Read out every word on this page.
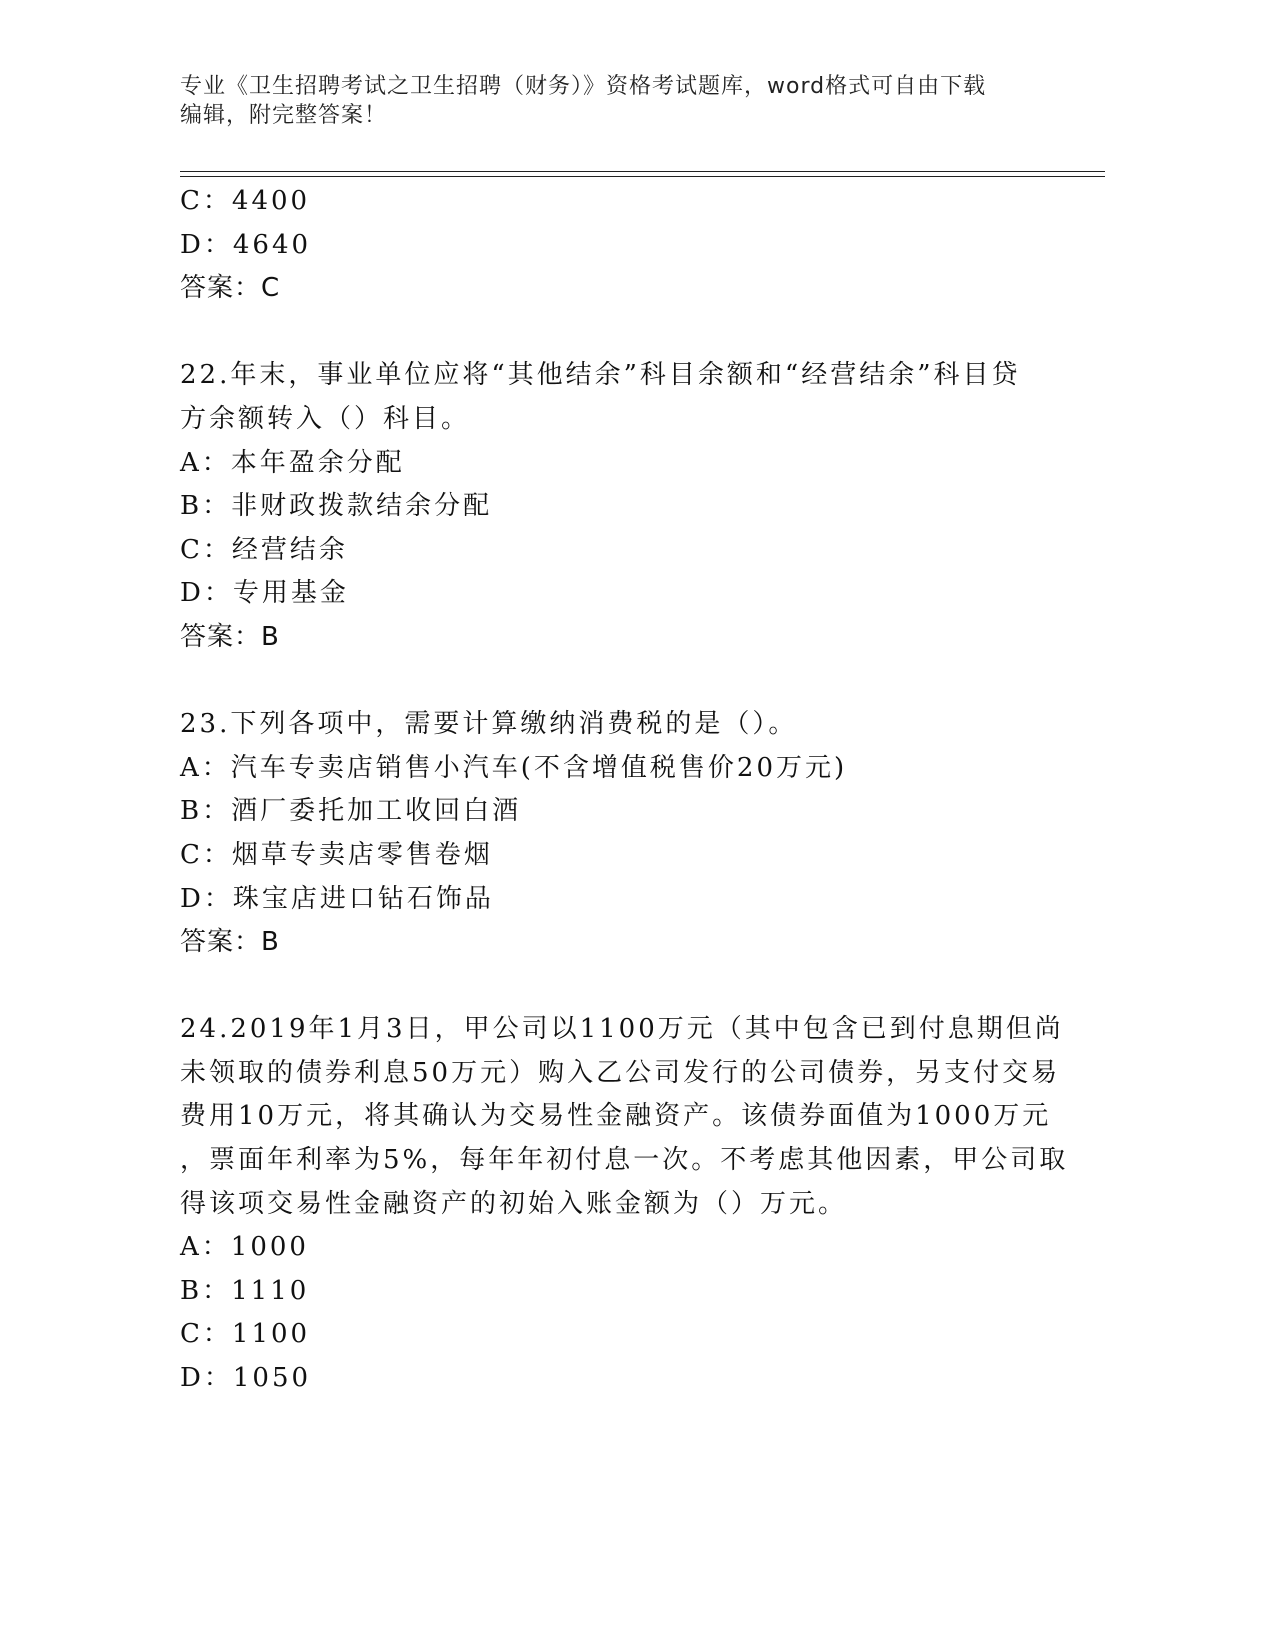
专业《卫生招聘考试之卫生招聘（财务）》资格考试题库，word格式可自由下载
编辑，附完整答案！
C：4400
D：4640
答案：C
22.年末，事业单位应将“其他结余”科目余额和“经营结余”科目贷
方余额转入（）科目。
A：本年盈余分配
B：非财政拨款结余分配
C：经营结余
D：专用基金
答案：B
23.下列各项中，需要计算缴纳消费税的是（）。
A：汽车专卖店销售小汽车(不含增值税售价20万元)
B：酒厂委托加工收回白酒
C：烟草专卖店零售卷烟
D：珠宝店进口钻石饰品
答案：B
24.2019年1月3日，甲公司以1100万元（其中包含已到付息期但尚
未领取的债券利息50万元）购入乙公司发行的公司债券，另支付交易
费用10万元，将其确认为交易性金融资产。该债券面值为1000万元
，票面年利率为5%，每年年初付息一次。不考虑其他因素，甲公司取
得该项交易性金融资产的初始入账金额为（）万元。
A：1000
B：1110
C：1100
D：1050
